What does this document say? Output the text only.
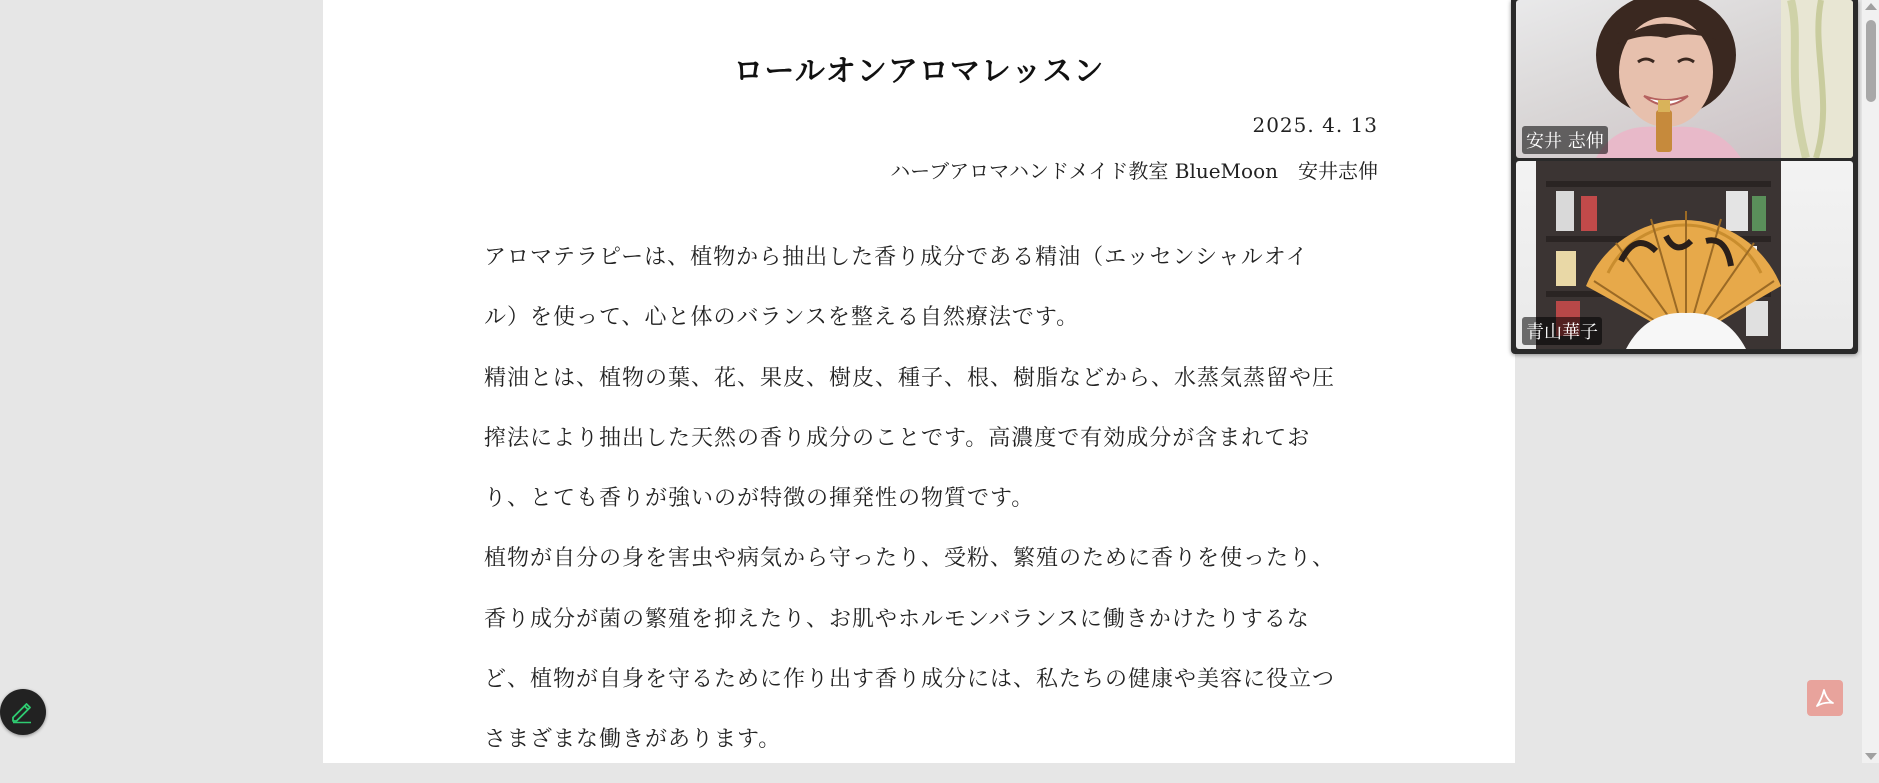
ロールオンアロマレッスン
2025. 4. 13
ハーブアロマハンドメイド教室 BlueMoon　安井志伸
アロマテラピーは、植物から抽出した香り成分である精油（エッセンシャルオイ
ル）を使って、心と体のバランスを整える自然療法です。
精油とは、植物の葉、花、果皮、樹皮、種子、根、樹脂などから、水蒸気蒸留や圧
搾法により抽出した天然の香り成分のことです。高濃度で有効成分が含まれてお
り、とても香りが強いのが特徴の揮発性の物質です。
植物が自分の身を害虫や病気から守ったり、受粉、繁殖のために香りを使ったり、
香り成分が菌の繁殖を抑えたり、お肌やホルモンバランスに働きかけたりするな
ど、植物が自身を守るために作り出す香り成分には、私たちの健康や美容に役立つ
さまざまな働きがあります。
安井 志伸
青山華子
